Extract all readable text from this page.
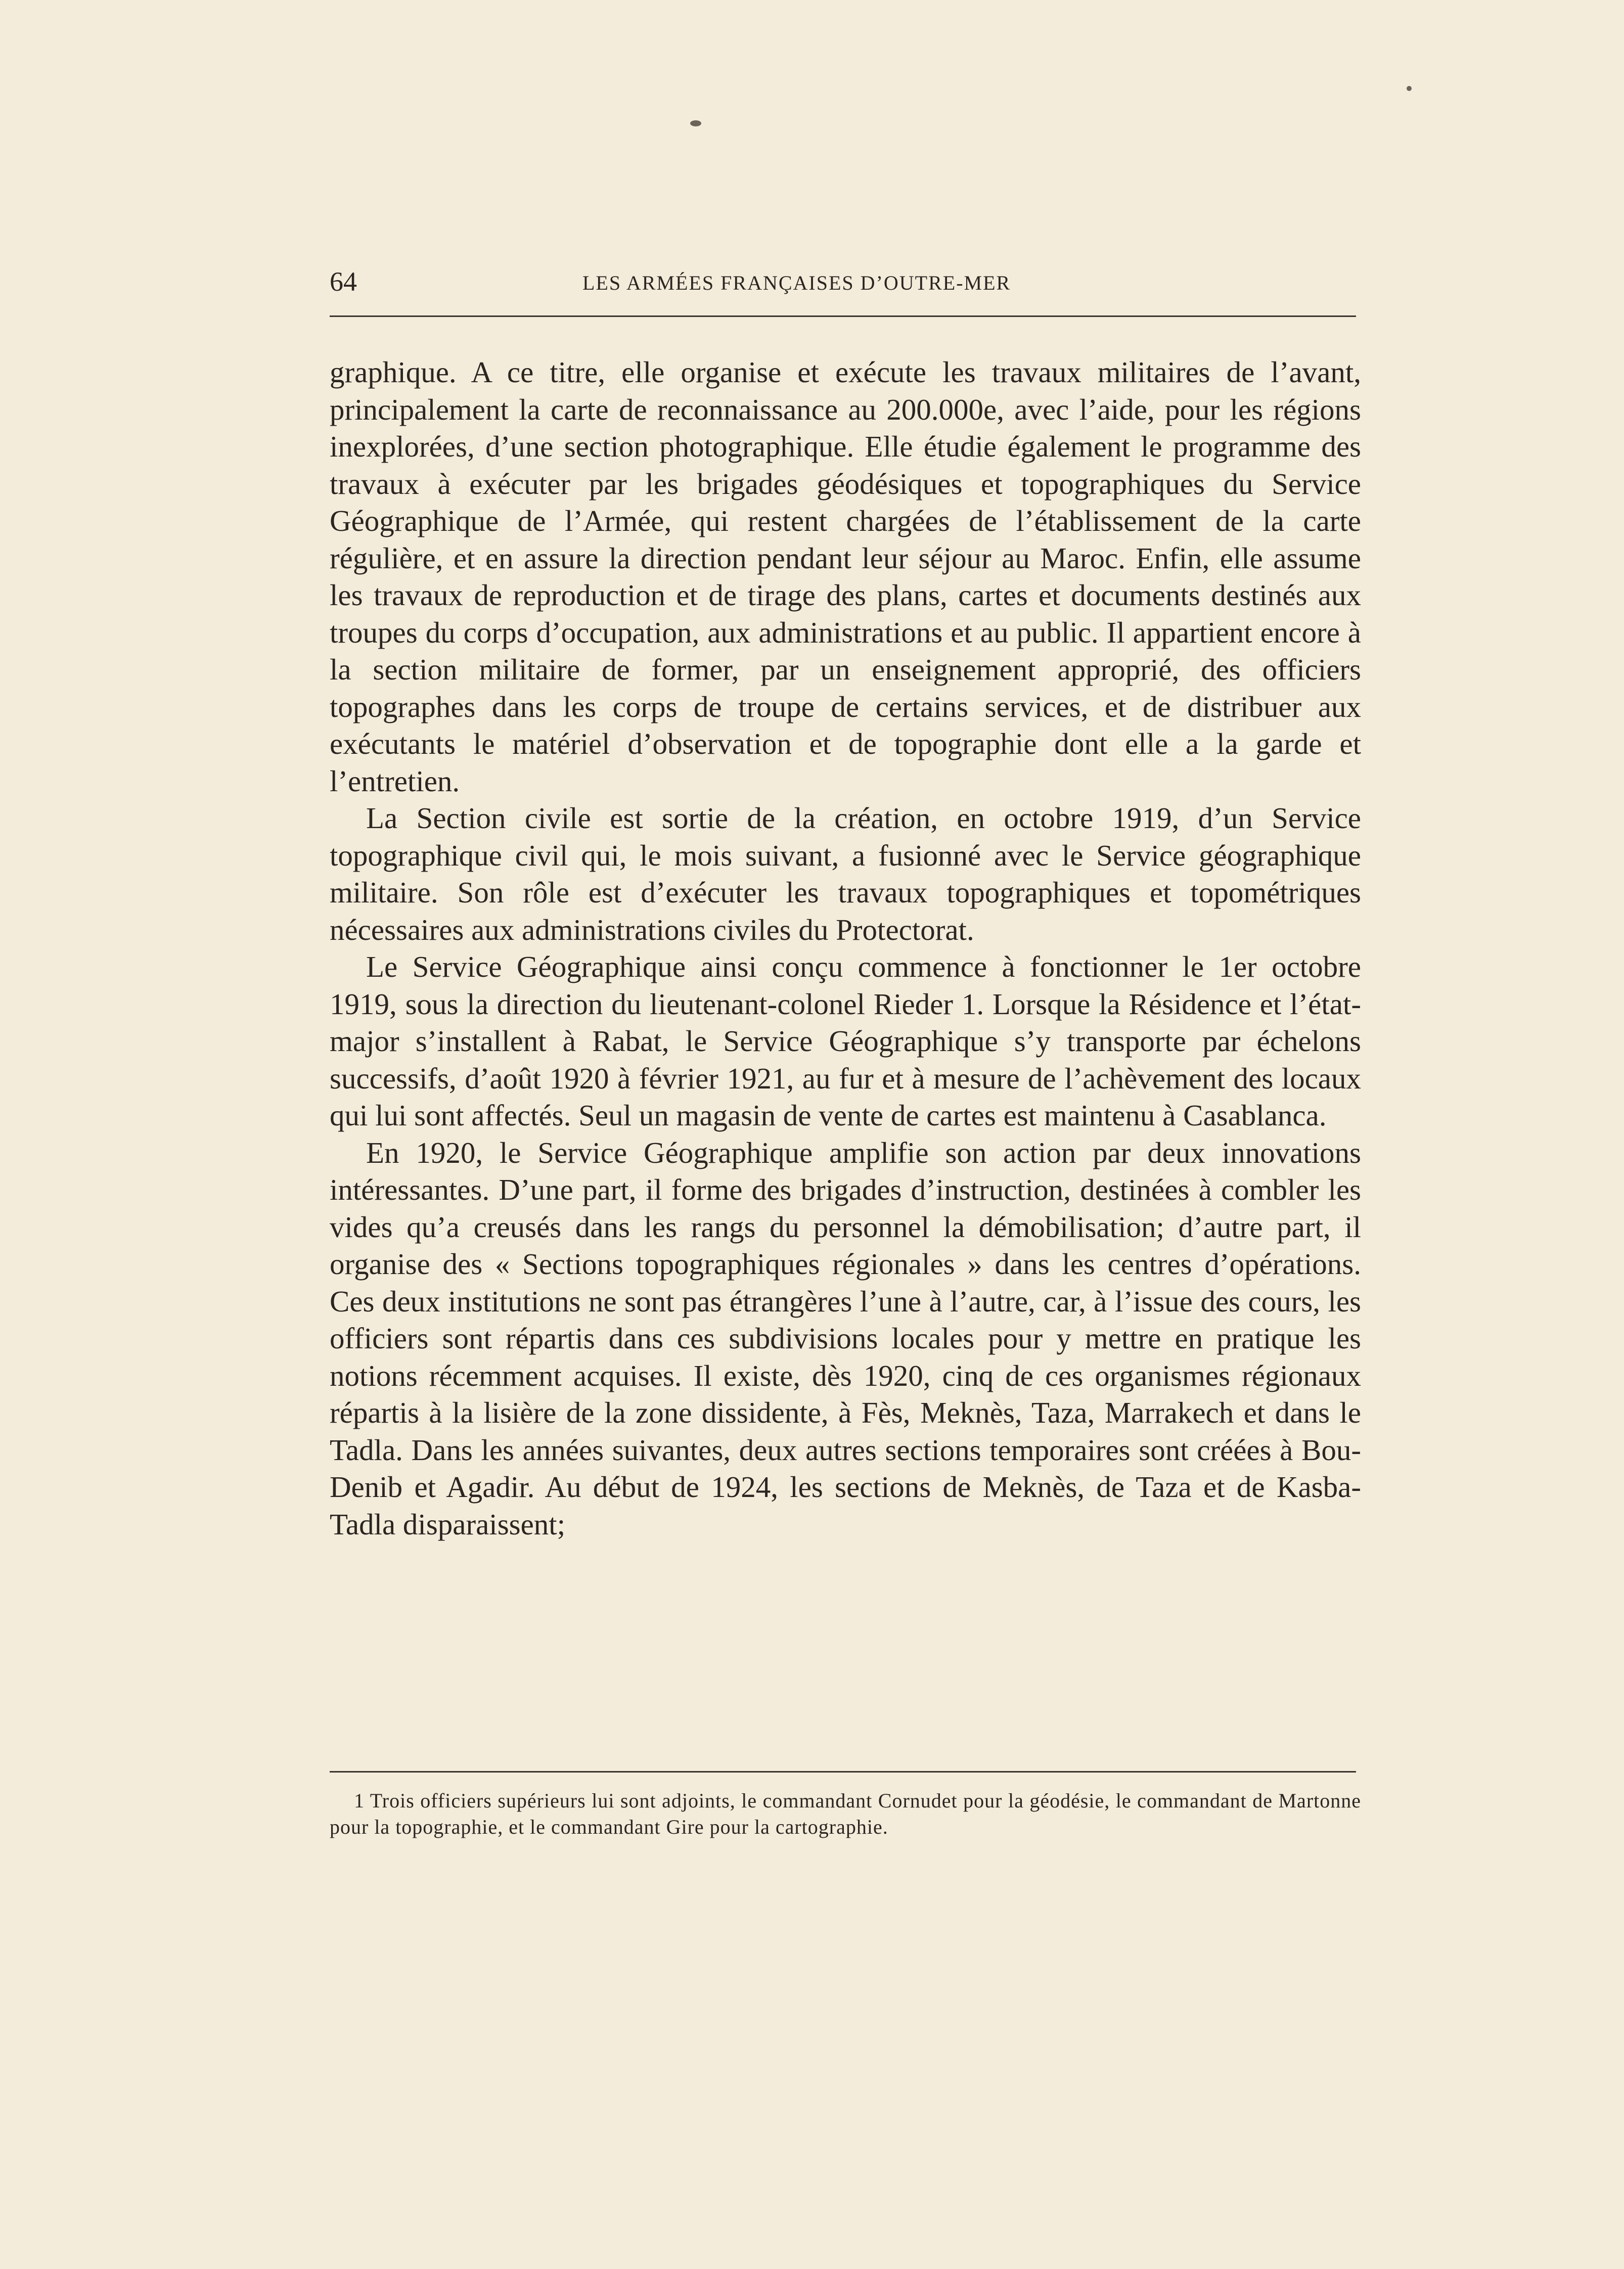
64	LES ARMÉES FRANÇAISES D’OUTRE-MER

graphique. A ce titre, elle organise et exécute les travaux militaires de l’avant, principalement la carte de reconnaissance au 200.000e, avec l’aide, pour les régions inexplorées, d’une section photographique. Elle étudie également le programme des travaux à exécuter par les brigades géodésiques et topographiques du Service Géographique de l’Armée, qui restent chargées de l’établissement de la carte régulière, et en assure la direction pendant leur séjour au Maroc. Enfin, elle assume les travaux de reproduction et de tirage des plans, cartes et documents destinés aux troupes du corps d’occupation, aux administrations et au public. Il appartient encore à la section militaire de former, par un enseignement approprié, des officiers topographes dans les corps de troupe de certains services, et de distribuer aux exécutants le matériel d’observation et de topographie dont elle a la garde et l’entretien.

La Section civile est sortie de la création, en octobre 1919, d’un Service topographique civil qui, le mois suivant, a fusionné avec le Service géographique militaire. Son rôle est d’exécuter les travaux topographiques et topométriques nécessaires aux administrations civiles du Protectorat.

Le Service Géographique ainsi conçu commence à fonctionner le 1er octobre 1919, sous la direction du lieutenant-colonel Rieder 1. Lorsque la Résidence et l’état-major s’installent à Rabat, le Service Géographique s’y transporte par échelons successifs, d’août 1920 à février 1921, au fur et à mesure de l’achèvement des locaux qui lui sont affectés. Seul un magasin de vente de cartes est maintenu à Casablanca.

En 1920, le Service Géographique amplifie son action par deux innovations intéressantes. D’une part, il forme des brigades d’instruction, destinées à combler les vides qu’a creusés dans les rangs du personnel la démobilisation; d’autre part, il organise des « Sections topographiques régionales » dans les centres d’opérations. Ces deux institutions ne sont pas étrangères l’une à l’autre, car, à l’issue des cours, les officiers sont répartis dans ces subdivisions locales pour y mettre en pratique les notions récemment acquises. Il existe, dès 1920, cinq de ces organismes régionaux répartis à la lisière de la zone dissidente, à Fès, Meknès, Taza, Marrakech et dans le Tadla. Dans les années suivantes, deux autres sections temporaires sont créées à Bou-Denib et Agadir. Au début de 1924, les sections de Meknès, de Taza et de Kasba-Tadla disparaissent;

1 Trois officiers supérieurs lui sont adjoints, le commandant Cornudet pour la géodésie, le commandant de Martonne pour la topographie, et le commandant Gire pour la cartographie.
